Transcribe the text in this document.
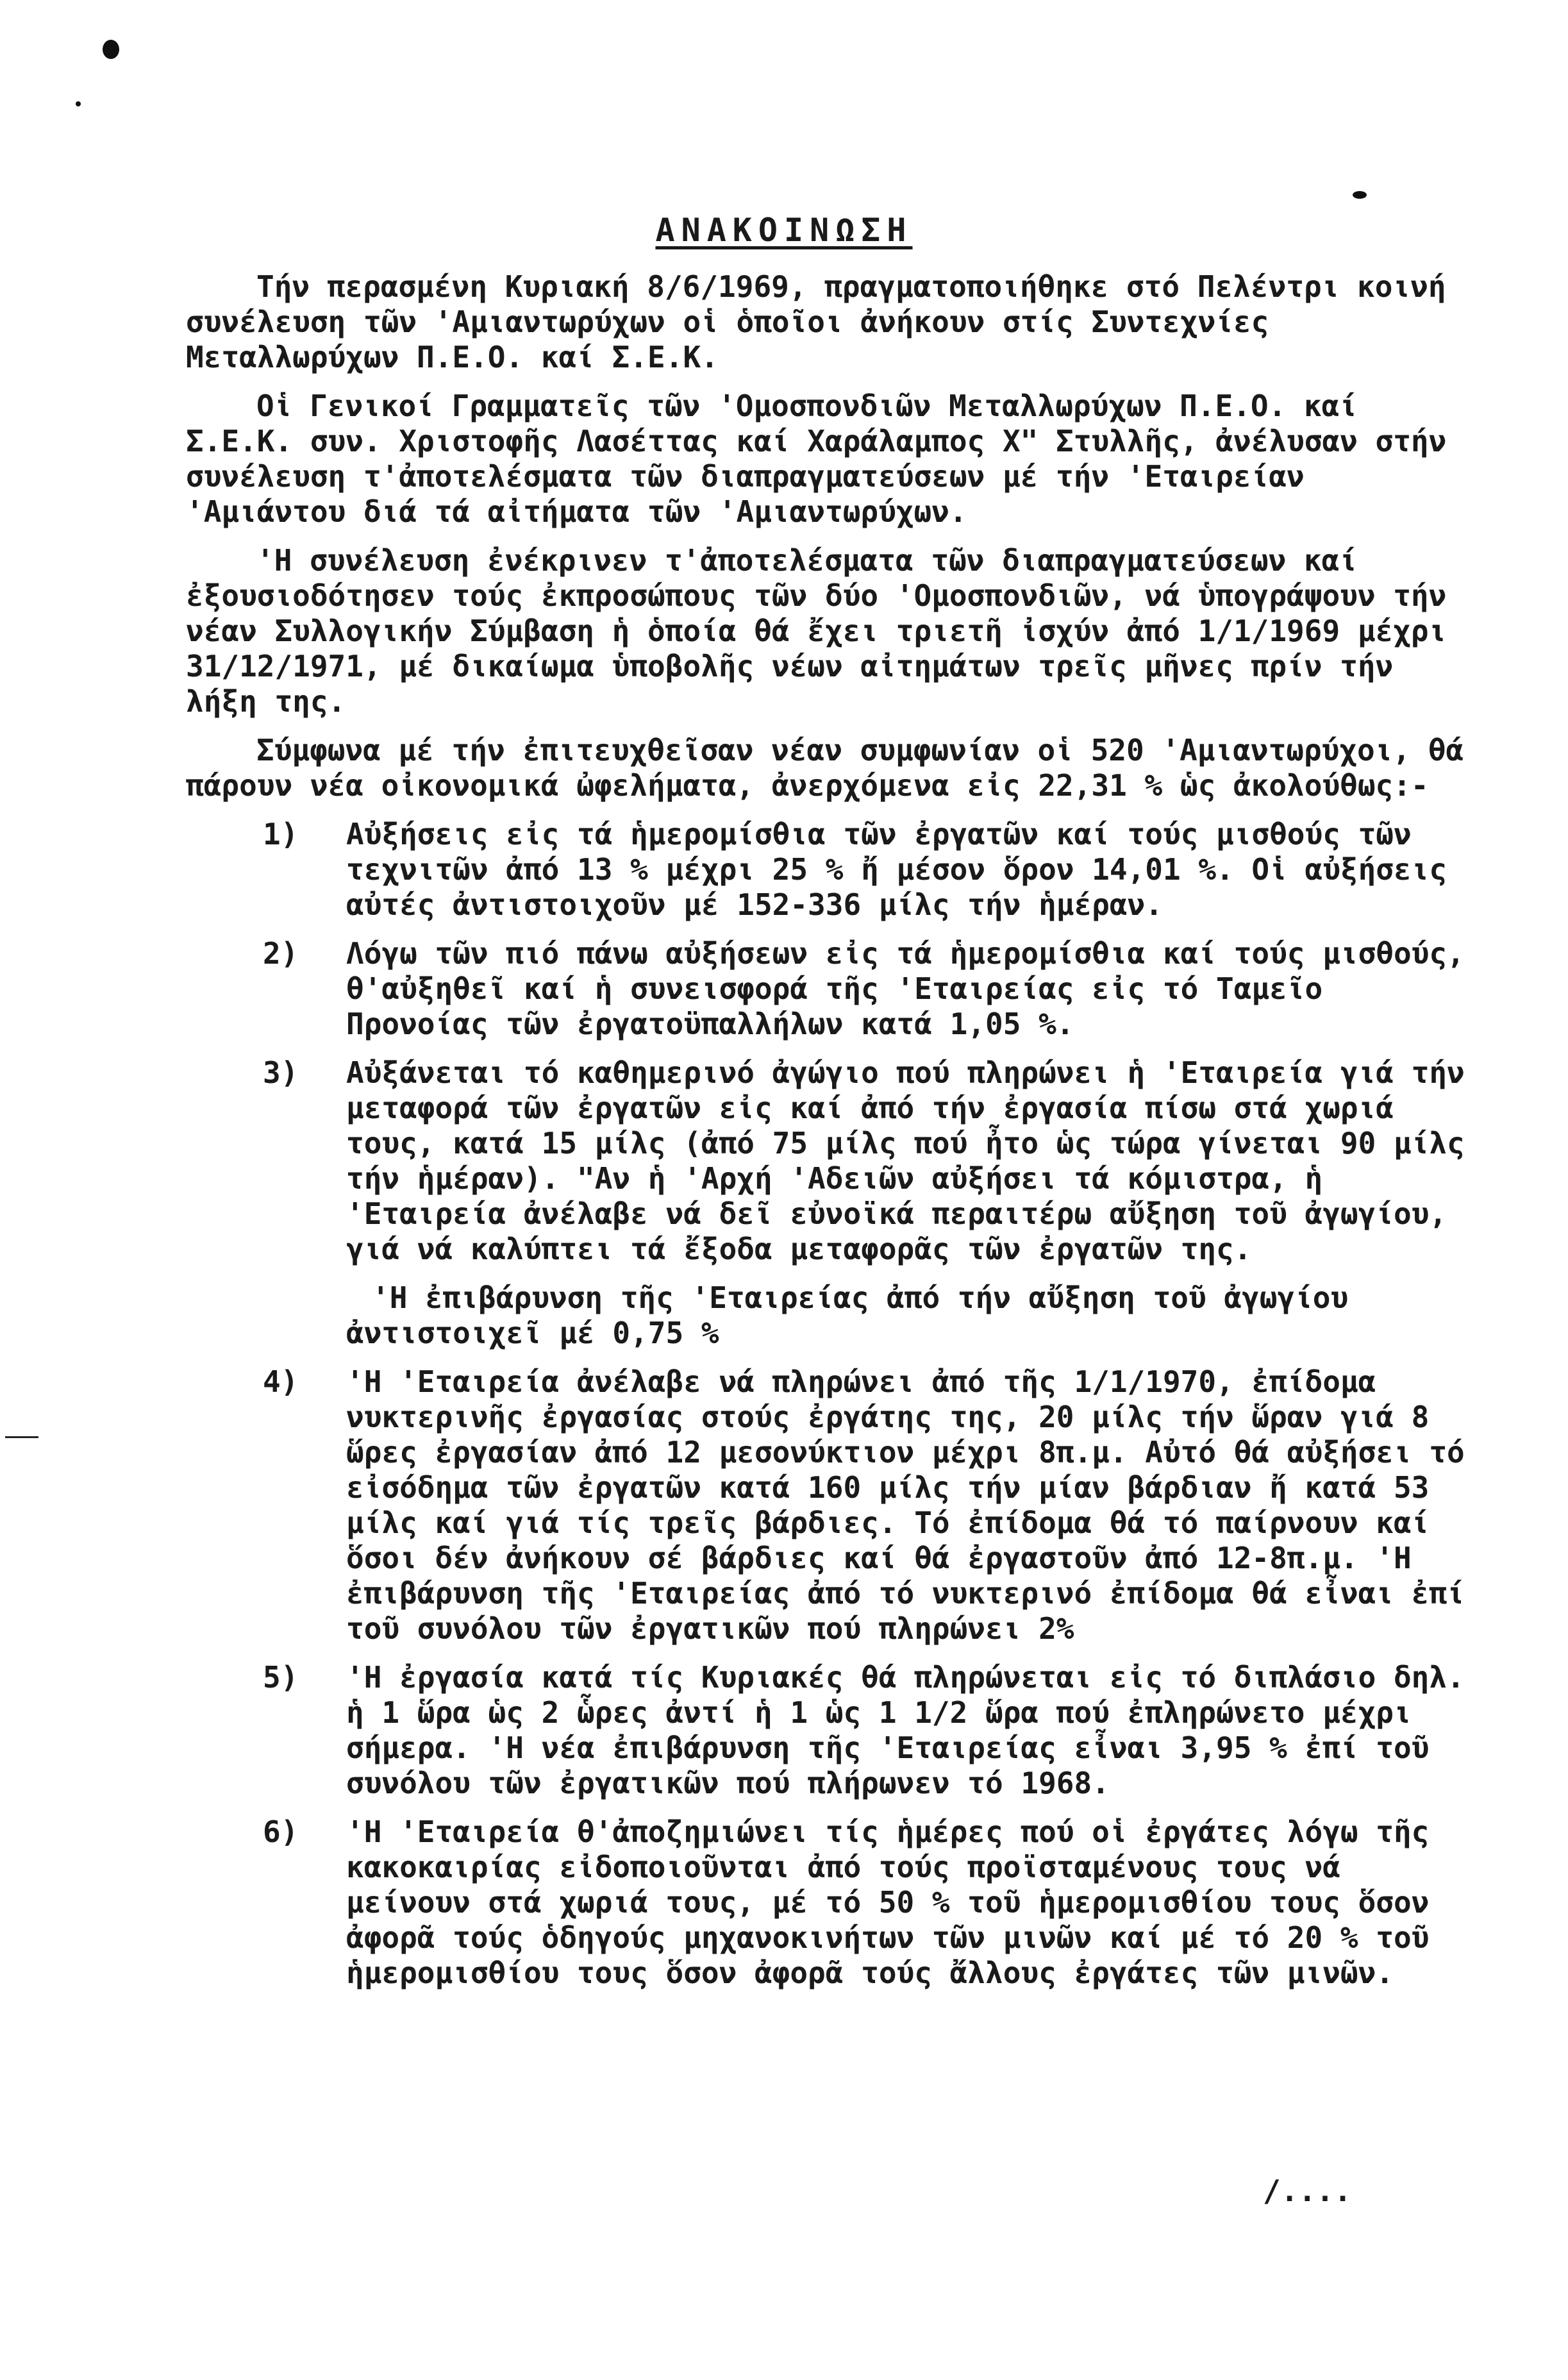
ΑΝΑΚΟΙΝΩΣΗ

Τήν περασμένη Κυριακή 8/6/1969, πραγματοποιήθηκε στό Πελέντρι κοινή συνέλευση τῶν 'Αμιαντωρύχων οἱ ὁποῖοι ἀνήκουν στίς Συντεχνίες Μεταλλωρύχων Π.Ε.Ο. καί Σ.Ε.Κ.

Οἱ Γενικοί Γραμματεῖς τῶν 'Ομοσπονδιῶν Μεταλλωρύχων Π.Ε.Ο. καί Σ.Ε.Κ. συν. Χριστοφῆς Λασέττας καί Χαράλαμπος Χ" Στυλλῆς, ἀνέλυσαν στήν συνέλευση τ'ἀποτελέσματα τῶν διαπραγματεύσεων μέ τήν 'Εταιρείαν 'Αμιάντου διά τά αἰτήματα τῶν 'Αμιαντωρύχων.

'Η συνέλευση ἐνέκρινεν τ'ἀποτελέσματα τῶν διαπραγματεύσεων καί ἐξουσιοδότησεν τούς ἐκπροσώπους τῶν δύο 'Ομοσπονδιῶν, νά ὑπογράψουν τήν νέαν Συλλογικήν Σύμβαση ἡ ὁποία θά ἔχει τριετῆ ἰσχύν ἀπό 1/1/1969 μέχρι 31/12/1971, μέ δικαίωμα ὑποβολῆς νέων αἰτημάτων τρεῖς μῆνες πρίν τήν λήξη της.

Σύμφωνα μέ τήν ἐπιτευχθεῖσαν νέαν συμφωνίαν οἱ 520 'Αμιαντωρύχοι, θά πάρουν νέα οἰκονομικά ὠφελήματα, ἀνερχόμενα εἰς 22,31 % ὡς ἀκολούθως:-

1)	Αὐξήσεις εἰς τά ἡμερομίσθια τῶν ἐργατῶν καί τούς μισθούς τῶν τεχνιτῶν ἀπό 13 % μέχρι 25 % ἤ μέσον ὅρον 14,01 %. Οἱ αὐξήσεις αὐτές ἀντιστοιχοῦν μέ 152-336 μίλς τήν ἡμέραν.
2)	Λόγω τῶν πιό πάνω αὐξήσεων εἰς τά ἡμερομίσθια καί τούς μισθούς, θ'αὐξηθεῖ καί ἡ συνεισφορά τῆς 'Εταιρείας εἰς τό Ταμεῖο Προνοίας τῶν ἐργατοϋπαλλήλων κατά 1,05 %.
3)	Αὐξάνεται τό καθημερινό ἀγώγιο πού πληρώνει ἡ 'Εταιρεία γιά τήν μεταφορά τῶν ἐργατῶν εἰς καί ἀπό τήν ἐργασία πίσω στά χωριά τους, κατά 15 μίλς (ἀπό 75 μίλς πού ἦτο ὡς τώρα γίνεται 90 μίλς τήν ἡμέραν). "Αν ἡ 'Αρχή 'Αδειῶν αὐξήσει τά κόμιστρα, ἡ 'Εταιρεία ἀνέλαβε νά δεῖ εὐνοϊκά περαιτέρω αὔξηση τοῦ ἀγωγίου, γιά νά καλύπτει τά ἔξοδα μεταφορᾶς τῶν ἐργατῶν της.

'Η ἐπιβάρυνση τῆς 'Εταιρείας ἀπό τήν αὔξηση τοῦ ἀγωγίου ἀντιστοιχεῖ μέ 0,75 %

4)	'Η 'Εταιρεία ἀνέλαβε νά πληρώνει ἀπό τῆς 1/1/1970, ἐπίδομα νυκτερινῆς ἐργασίας στούς ἐργάτης της, 20 μίλς τήν ὥραν γιά 8 ὥρες ἐργασίαν ἀπό 12 μεσονύκτιον μέχρι 8π.μ. Αὐτό θά αὐξήσει τό εἰσόδημα τῶν ἐργατῶν κατά 160 μίλς τήν μίαν βάρδιαν ἤ κατά 53 μίλς καί γιά τίς τρεῖς βάρδιες. Τό ἐπίδομα θά τό παίρνουν καί ὅσοι δέν ἀνήκουν σέ βάρδιες καί θά ἐργαστοῦν ἀπό 12-8π.μ. 'Η ἐπιβάρυνση τῆς 'Εταιρείας ἀπό τό νυκτερινό ἐπίδομα θά εἶναι ἐπί τοῦ συνόλου τῶν ἐργατικῶν πού πληρώνει 2%
5)	'Η ἐργασία κατά τίς Κυριακές θά πληρώνεται εἰς τό διπλάσιο δηλ. ἡ 1 ὥρα ὡς 2 ὧρες ἀντί ἡ 1 ὡς 1 1/2 ὥρα πού ἐπληρώνετο μέχρι σήμερα. 'Η νέα ἐπιβάρυνση τῆς 'Εταιρείας εἶναι 3,95 % ἐπί τοῦ συνόλου τῶν ἐργατικῶν πού πλήρωνεν τό 1968.
6)	'Η 'Εταιρεία θ'ἀποζημιώνει τίς ἡμέρες πού οἱ ἐργάτες λόγω τῆς κακοκαιρίας εἰδοποιοῦνται ἀπό τούς προϊσταμένους τους νά μείνουν στά χωριά τους, μέ τό 50 % τοῦ ἡμερομισθίου τους ὅσον ἀφορᾶ τούς ὁδηγούς μηχανοκινήτων τῶν μινῶν καί μέ τό 20 % τοῦ ἡμερομισθίου τους ὅσον ἀφορᾶ τούς ἄλλους ἐργάτες τῶν μινῶν.
/....
